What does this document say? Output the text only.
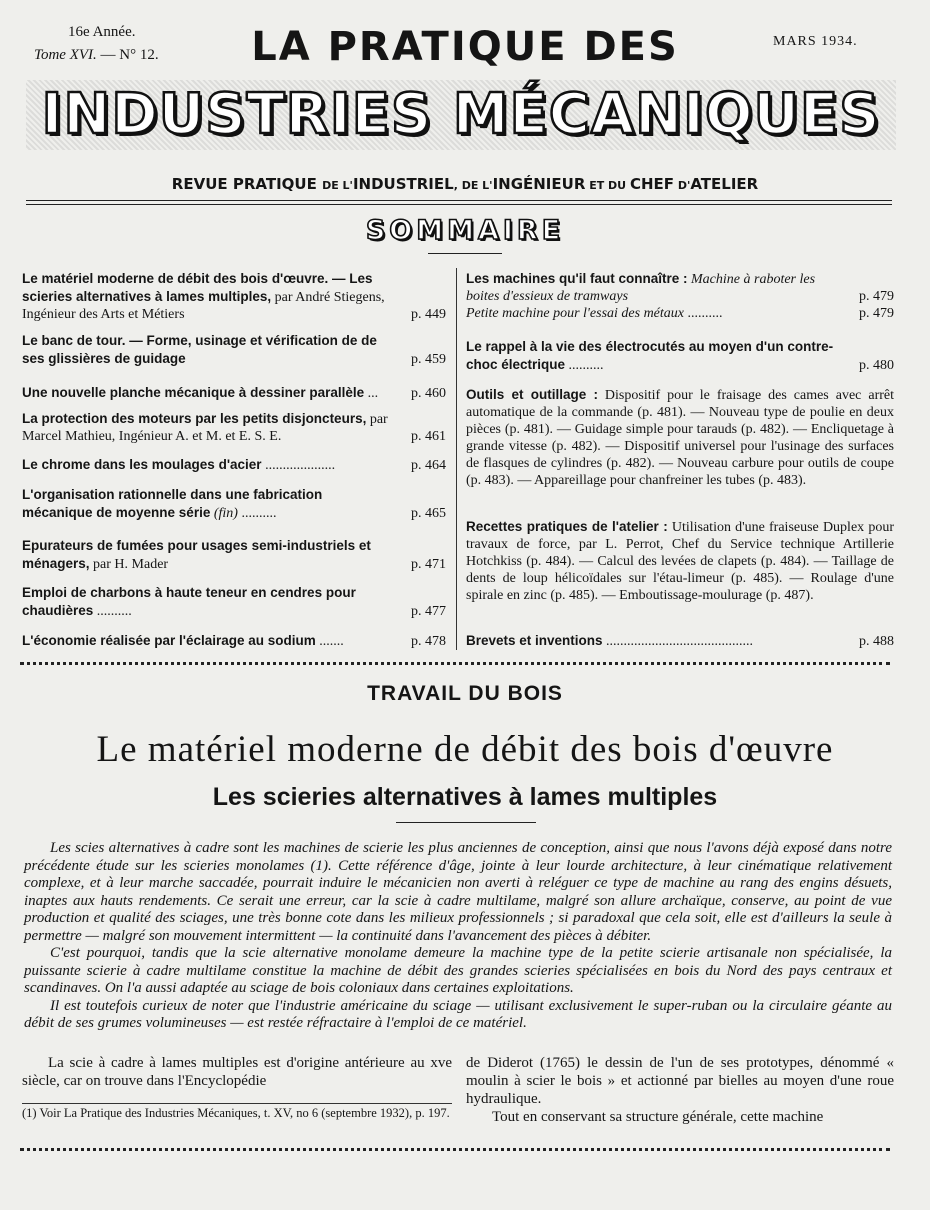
16e Année.
Tome XVI. — N° 12.
MARS 1934.
LA PRATIQUE DES
INDUSTRIES MÉCANIQUES
REVUE PRATIQUE DE L'INDUSTRIEL, DE L'INGÉNIEUR ET DU CHEF D'ATELIER
SOMMAIRE
Le matériel moderne de débit des bois d'œuvre. — Les scieries alternatives à lames multiples, par André Stiegens, Ingénieur des Arts et Métiers	p. 449
Le banc de tour. — Forme, usinage et vérification de de ses glissières de guidage	p. 459
Une nouvelle planche mécanique à dessiner parallèle ...	p. 460
La protection des moteurs par les petits disjoncteurs, par Marcel Mathieu, Ingénieur A. et M. et E. S. E.	p. 461
Le chrome dans les moulages d'acier ....................	p. 464
L'organisation rationnelle dans une fabrication mécanique de moyenne série (fin) ..........	p. 465
Epurateurs de fumées pour usages semi-industriels et ménagers, par H. Mader	p. 471
Emploi de charbons à haute teneur en cendres pour chaudières ..........	p. 477
L'économie réalisée par l'éclairage au sodium .......	p. 478
Les machines qu'il faut connaître : Machine à raboter les boites d'essieux de tramways	p. 479
Petite machine pour l'essai des métaux ..........	p. 479
Le rappel à la vie des électrocutés au moyen d'un contre-choc électrique ..........	p. 480
Outils et outillage : Dispositif pour le fraisage des cames avec arrêt automatique de la commande (p. 481). — Nouveau type de poulie en deux pièces (p. 481). — Guidage simple pour tarauds (p. 482). — Encliquetage à grande vitesse (p. 482). — Dispositif universel pour l'usinage des surfaces de flasques de cylindres (p. 482). — Nouveau carbure pour outils de coupe (p. 483). — Appareillage pour chanfreiner les tubes (p. 483).
Recettes pratiques de l'atelier : Utilisation d'une fraiseuse Duplex pour travaux de force, par L. Perrot, Chef du Service technique Artillerie Hotchkiss (p. 484). — Calcul des levées de clapets (p. 484). — Taillage de dents de loup hélicoïdales sur l'étau-limeur (p. 485). — Roulage d'une spirale en zinc (p. 485). — Emboutissage-moulurage (p. 487).
Brevets et inventions ..........................................	p. 488
TRAVAIL DU BOIS
Le matériel moderne de débit des bois d'œuvre
Les scieries alternatives à lames multiples

Les scies alternatives à cadre sont les machines de scierie les plus anciennes de conception, ainsi que nous l'avons déjà exposé dans notre précédente étude sur les scieries monolames (1). Cette référence d'âge, jointe à leur lourde architecture, à leur cinématique relativement complexe, et à leur marche saccadée, pourrait induire le mécanicien non averti à reléguer ce type de machine au rang des engins désuets, inaptes aux hauts rendements. Ce serait une erreur, car la scie à cadre multilame, malgré son allure archaïque, conserve, au point de vue production et qualité des sciages, une très bonne cote dans les milieux professionnels ; si paradoxal que cela soit, elle est d'ailleurs la seule à permettre — malgré son mouvement intermittent — la continuité dans l'avancement des pièces à débiter.

C'est pourquoi, tandis que la scie alternative monolame demeure la machine type de la petite scierie artisanale non spécialisée, la puissante scierie à cadre multilame constitue la machine de débit des grandes scieries spécialisées en bois du Nord des pays centraux et scandinaves. On l'a aussi adaptée au sciage de bois coloniaux dans certaines exploitations.

Il est toutefois curieux de noter que l'industrie américaine du sciage — utilisant exclusivement le super-ruban ou la circulaire géante au débit de ses grumes volumineuses — est restée réfractaire à l'emploi de ce matériel.

La scie à cadre à lames multiples est d'origine antérieure au xve siècle, car on trouve dans l'Encyclopédie

de Diderot (1765) le dessin de l'un de ses prototypes, dénommé « moulin à scier le bois » et actionné par bielles au moyen d'une roue hydraulique.

Tout en conservant sa structure générale, cette machine

(1) Voir La Pratique des Industries Mécaniques, t. XV, no 6 (septembre 1932), p. 197.
